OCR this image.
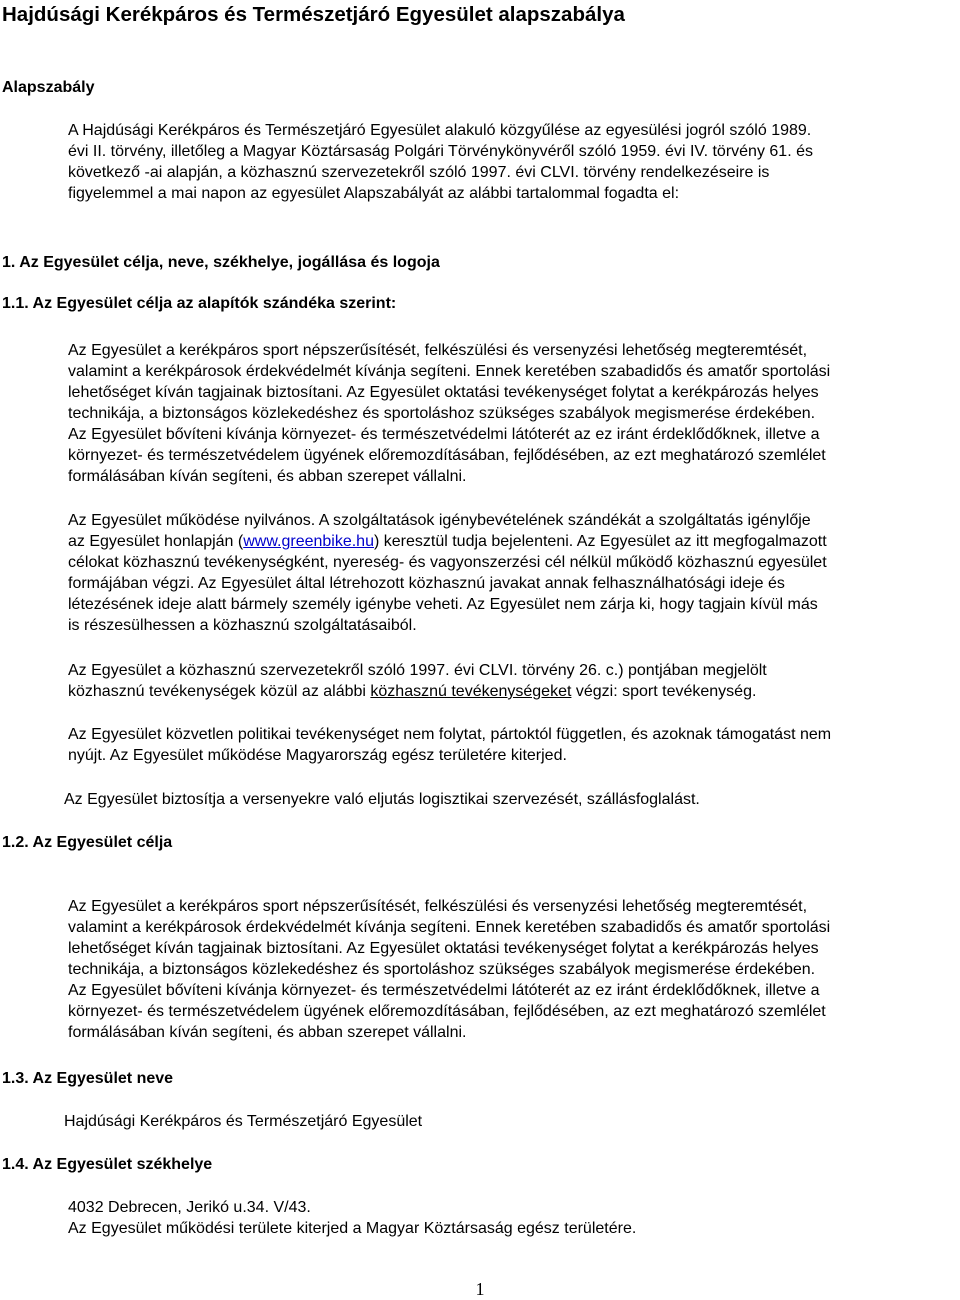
Hajdúsági Kerékpáros és Természetjáró Egyesület alapszabálya
Alapszabály
A Hajdúsági Kerékpáros és Természetjáró Egyesület alakuló közgyűlése az egyesülési jogról szóló 1989.
évi II. törvény, illetőleg a Magyar Köztársaság Polgári Törvénykönyvéről szóló 1959. évi IV. törvény 61. és
következő -ai alapján, a közhasznú szervezetekről szóló 1997. évi CLVI. törvény rendelkezéseire is
figyelemmel a mai napon az egyesület Alapszabályát az alábbi tartalommal fogadta el:
1. Az Egyesület célja, neve, székhelye, jogállása és logoja
1.1. Az Egyesület célja az alapítók szándéka szerint:
Az Egyesület a kerékpáros sport népszerűsítését, felkészülési és versenyzési lehetőség megteremtését,
valamint a kerékpárosok érdekvédelmét kívánja segíteni. Ennek keretében szabadidős és amatőr sportolási
lehetőséget kíván tagjainak biztosítani. Az Egyesület oktatási tevékenységet folytat a kerékpározás helyes
technikája, a biztonságos közlekedéshez és sportoláshoz szükséges szabályok megismerése érdekében.
Az Egyesület bővíteni kívánja környezet- és természetvédelmi látóterét az ez iránt érdeklődőknek, illetve a
környezet- és természetvédelem ügyének előremozdításában, fejlődésében, az ezt meghatározó szemlélet
formálásában kíván segíteni, és abban szerepet vállalni.
Az Egyesület működése nyilvános. A szolgáltatások igénybevételének szándékát a szolgáltatás igénylője
az Egyesület honlapján (www.greenbike.hu) keresztül tudja bejelenteni. Az Egyesület az itt megfogalmazott
célokat közhasznú tevékenységként, nyereség- és vagyonszerzési cél nélkül működő közhasznú egyesület
formájában végzi. Az Egyesület által létrehozott közhasznú javakat annak felhasználhatósági ideje és
létezésének ideje alatt bármely személy igénybe veheti. Az Egyesület nem zárja ki, hogy tagjain kívül más
is részesülhessen a közhasznú szolgáltatásaiból.
Az Egyesület a közhasznú szervezetekről szóló 1997. évi CLVI. törvény 26. c.) pontjában megjelölt
közhasznú tevékenységek közül az alábbi közhasznú tevékenységeket végzi: sport tevékenység.
Az Egyesület közvetlen politikai tevékenységet nem folytat, pártoktól független, és azoknak támogatást nem
nyújt. Az Egyesület működése Magyarország egész területére kiterjed.
Az Egyesület biztosítja a versenyekre való eljutás logisztikai szervezését, szállásfoglalást.
1.2. Az Egyesület célja
Az Egyesület a kerékpáros sport népszerűsítését, felkészülési és versenyzési lehetőség megteremtését,
valamint a kerékpárosok érdekvédelmét kívánja segíteni. Ennek keretében szabadidős és amatőr sportolási
lehetőséget kíván tagjainak biztosítani. Az Egyesület oktatási tevékenységet folytat a kerékpározás helyes
technikája, a biztonságos közlekedéshez és sportoláshoz szükséges szabályok megismerése érdekében.
Az Egyesület bővíteni kívánja környezet- és természetvédelmi látóterét az ez iránt érdeklődőknek, illetve a
környezet- és természetvédelem ügyének előremozdításában, fejlődésében, az ezt meghatározó szemlélet
formálásában kíván segíteni, és abban szerepet vállalni.
1.3. Az Egyesület neve
Hajdúsági Kerékpáros és Természetjáró Egyesület
1.4. Az Egyesület székhelye
4032 Debrecen, Jerikó u.34. V/43.
Az Egyesület működési területe kiterjed a Magyar Köztársaság egész területére.
1
